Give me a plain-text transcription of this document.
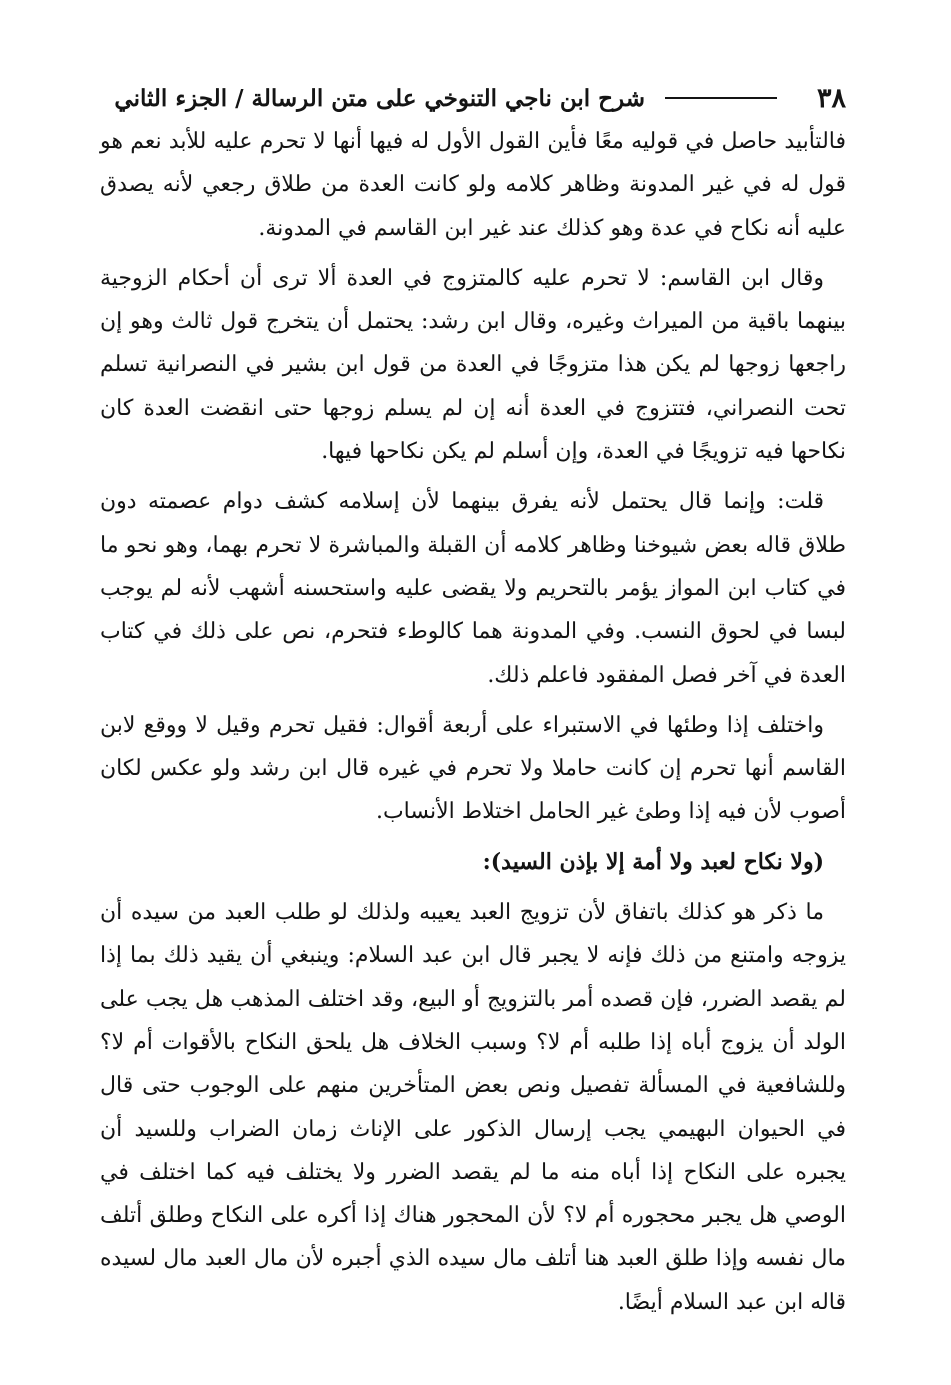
٣٨
شرح ابن ناجي التنوخي على متن الرسالة / الجزء الثاني

فالتأبيد حاصل في قوليه معًا فأين القول الأول له فيها أنها لا تحرم عليه للأبد نعم هو قول له في غير المدونة وظاهر كلامه ولو كانت العدة من طلاق رجعي لأنه يصدق عليه أنه نكاح في عدة وهو كذلك عند غير ابن القاسم في المدونة.

وقال ابن القاسم: لا تحرم عليه كالمتزوج في العدة ألا ترى أن أحكام الزوجية بينهما باقية من الميراث وغيره، وقال ابن رشد: يحتمل أن يتخرج قول ثالث وهو إن راجعها زوجها لم يكن هذا متزوجًا في العدة من قول ابن بشير في النصرانية تسلم تحت النصراني، فتتزوج في العدة أنه إن لم يسلم زوجها حتى انقضت العدة كان نكاحها فيه تزويجًا في العدة، وإن أسلم لم يكن نكاحها فيها.

قلت: وإنما قال يحتمل لأنه يفرق بينهما لأن إسلامه كشف دوام عصمته دون طلاق قاله بعض شيوخنا وظاهر كلامه أن القبلة والمباشرة لا تحرم بهما، وهو نحو ما في كتاب ابن المواز يؤمر بالتحريم ولا يقضى عليه واستحسنه أشهب لأنه لم يوجب لبسا في لحوق النسب. وفي المدونة هما كالوطء فتحرم، نص على ذلك في كتاب العدة في آخر فصل المفقود فاعلم ذلك.

واختلف إذا وطئها في الاستبراء على أربعة أقوال: فقيل تحرم وقيل لا ووقع لابن القاسم أنها تحرم إن كانت حاملا ولا تحرم في غيره قال ابن رشد ولو عكس لكان أصوب لأن فيه إذا وطئ غير الحامل اختلاط الأنساب.

(ولا نكاح لعبد ولا أمة إلا بإذن السيد):

ما ذكر هو كذلك باتفاق لأن تزويج العبد يعيبه ولذلك لو طلب العبد من سيده أن يزوجه وامتنع من ذلك فإنه لا يجبر قال ابن عبد السلام: وينبغي أن يقيد ذلك بما إذا لم يقصد الضرر، فإن قصده أمر بالتزويج أو البيع، وقد اختلف المذهب هل يجب على الولد أن يزوج أباه إذا طلبه أم لا؟ وسبب الخلاف هل يلحق النكاح بالأقوات أم لا؟ وللشافعية في المسألة تفصيل ونص بعض المتأخرين منهم على الوجوب حتى قال في الحيوان البهيمي يجب إرسال الذكور على الإناث زمان الضراب وللسيد أن يجبره على النكاح إذا أباه منه ما لم يقصد الضرر ولا يختلف فيه كما اختلف في الوصي هل يجبر محجوره أم لا؟ لأن المحجور هناك إذا أكره على النكاح وطلق أتلف مال نفسه وإذا طلق العبد هنا أتلف مال سيده الذي أجبره لأن مال العبد مال لسيده قاله ابن عبد السلام أيضًا.
